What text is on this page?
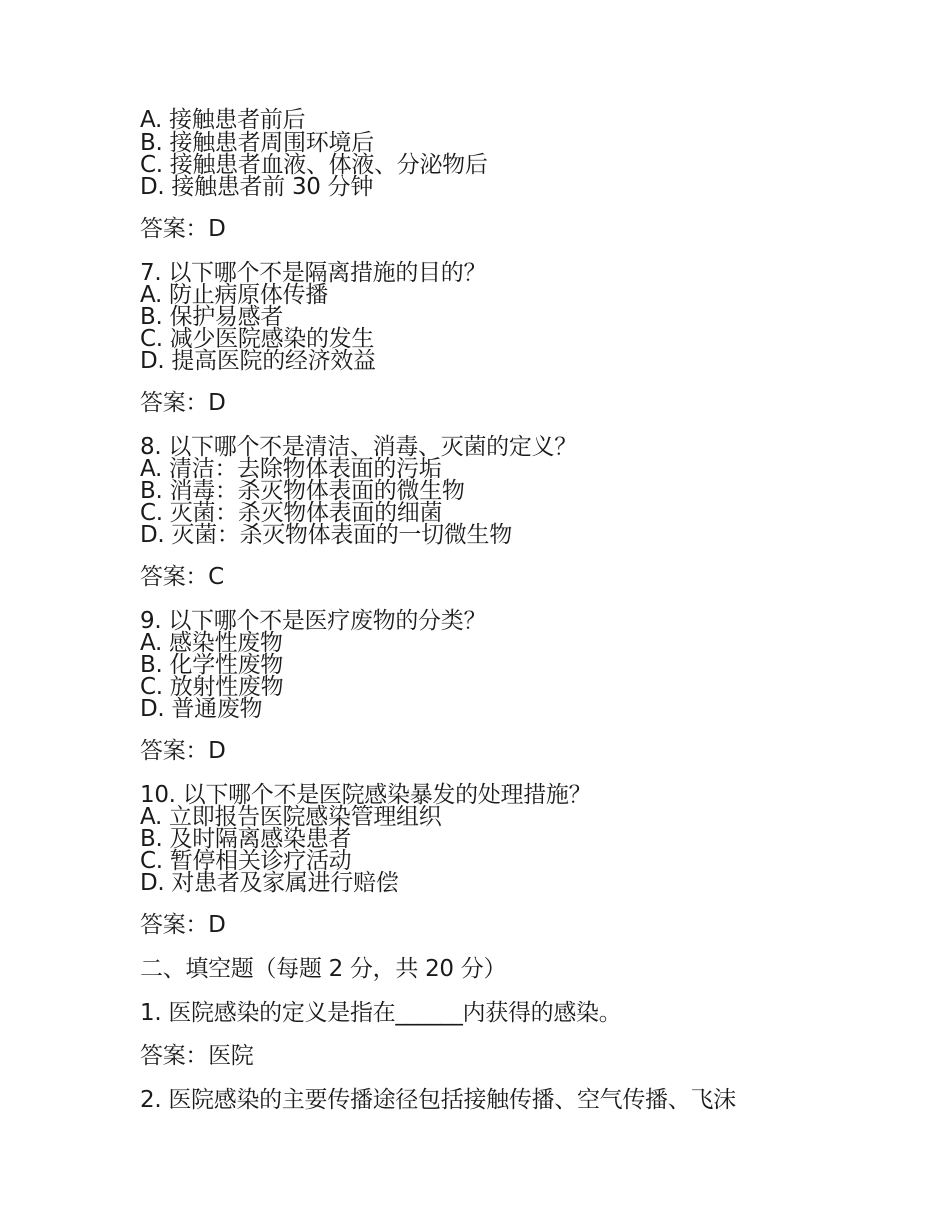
A. 接触患者前后
B. 接触患者周围环境后
C. 接触患者血液、体液、分泌物后
D. 接触患者前 30 分钟
答案：D
7. 以下哪个不是隔离措施的目的？
A. 防止病原体传播
B. 保护易感者
C. 减少医院感染的发生
D. 提高医院的经济效益
答案：D
8. 以下哪个不是清洁、消毒、灭菌的定义？
A. 清洁：去除物体表面的污垢
B. 消毒：杀灭物体表面的微生物
C. 灭菌：杀灭物体表面的细菌
D. 灭菌：杀灭物体表面的一切微生物
答案：C
9. 以下哪个不是医疗废物的分类？
A. 感染性废物
B. 化学性废物
C. 放射性废物
D. 普通废物
答案：D
10. 以下哪个不是医院感染暴发的处理措施？
A. 立即报告医院感染管理组织
B. 及时隔离感染患者
C. 暂停相关诊疗活动
D. 对患者及家属进行赔偿
答案：D
二、填空题（每题 2 分，共 20 分）
1. 医院感染的定义是指在______内获得的感染。
答案：医院
2. 医院感染的主要传播途径包括接触传播、空气传播、飞沫
